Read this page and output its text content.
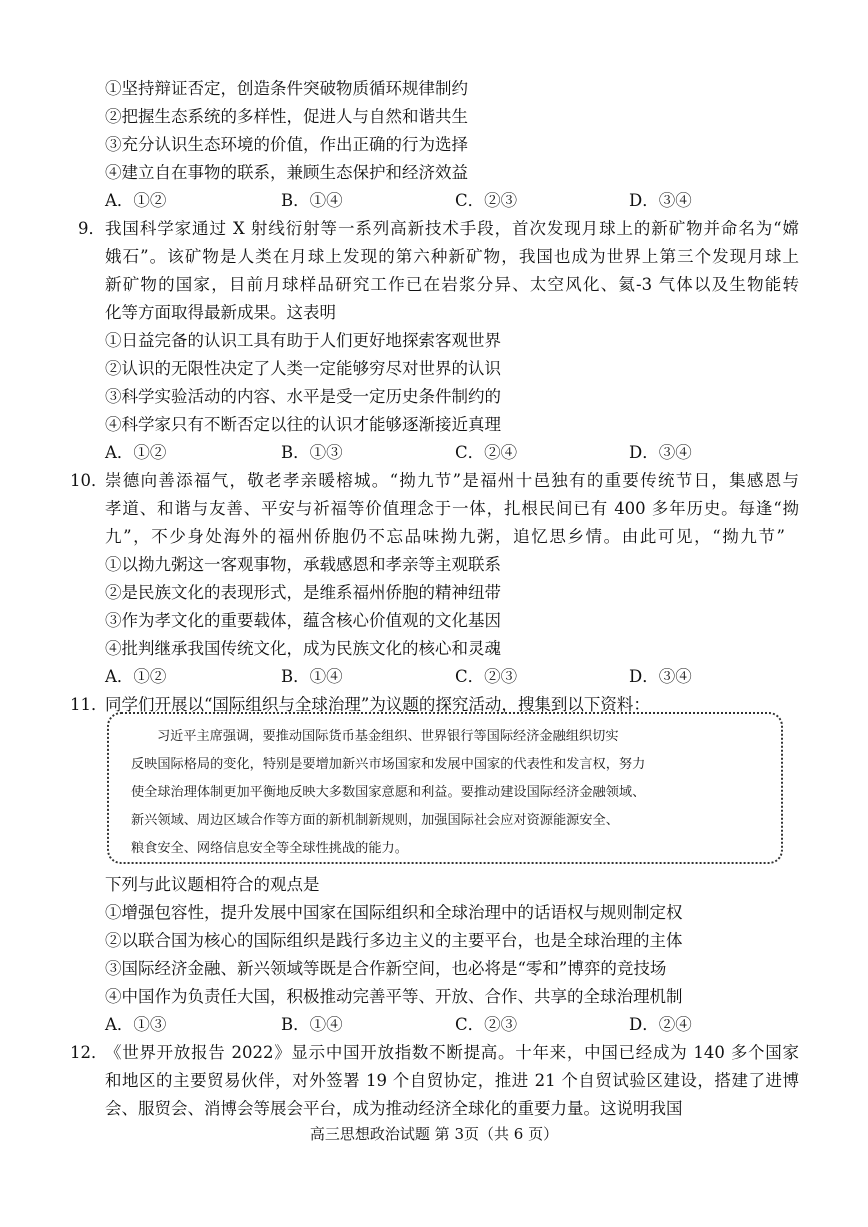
①坚持辩证否定，创造条件突破物质循环规律制约
②把握生态系统的多样性，促进人与自然和谐共生
③充分认识生态环境的价值，作出正确的行为选择
④建立自在事物的联系，兼顾生态保护和经济效益
A．①②	B．①④	C．②③	D．③④
9． 我国科学家通过 X 射线衍射等一系列高新技术手段，首次发现月球上的新矿物并命名为“嫦
娥石”。该矿物是人类在月球上发现的第六种新矿物，我国也成为世界上第三个发现月球上
新矿物的国家，目前月球样品研究工作已在岩浆分异、太空风化、氦-3 气体以及生物能转
化等方面取得最新成果。这表明
①日益完备的认识工具有助于人们更好地探索客观世界
②认识的无限性决定了人类一定能够穷尽对世界的认识
③科学实验活动的内容、水平是受一定历史条件制约的
④科学家只有不断否定以往的认识才能够逐渐接近真理
A．①②	B．①③	C．②④	D．③④
10．
崇德向善添福气，敬老孝亲暖榕城。“拗九节”是福州十邑独有的重要传统节日，集感恩与
孝道、和谐与友善、平安与祈福等价值理念于一体，扎根民间已有 400 多年历史。每逢“拗
九”，不少身处海外的福州侨胞仍不忘品味拗九粥，追忆思乡情。由此可见，“拗九节”
①以拗九粥这一客观事物，承载感恩和孝亲等主观联系
②是民族文化的表现形式，是维系福州侨胞的精神纽带
③作为孝文化的重要载体，蕴含核心价值观的文化基因
④批判继承我国传统文化，成为民族文化的核心和灵魂
A．①②	B．①④	C．②③	D．③④
11．
同学们开展以“国际组织与全球治理”为议题的探究活动，搜集到以下资料：
习近平主席强调，要推动国际货币基金组织、世界银行等国际经济金融组织切实
反映国际格局的变化，特别是要增加新兴市场国家和发展中国家的代表性和发言权，努力
使全球治理体制更加平衡地反映大多数国家意愿和利益。要推动建设国际经济金融领域、
新兴领域、周边区域合作等方面的新机制新规则，加强国际社会应对资源能源安全、
粮食安全、网络信息安全等全球性挑战的能力。
下列与此议题相符合的观点是
①增强包容性，提升发展中国家在国际组织和全球治理中的话语权与规则制定权
②以联合国为核心的国际组织是践行多边主义的主要平台，也是全球治理的主体
③国际经济金融、新兴领域等既是合作新空间，也必将是“零和”博弈的竞技场
④中国作为负责任大国，积极推动完善平等、开放、合作、共享的全球治理机制
A．①③	B．①④	C．②③	D．②④
12．
《世界开放报告 2022》显示中国开放指数不断提高。十年来，中国已经成为 140 多个国家
和地区的主要贸易伙伴，对外签署 19 个自贸协定，推进 21 个自贸试验区建设，搭建了进博
会、服贸会、消博会等展会平台，成为推动经济全球化的重要力量。这说明我国
高三思想政治试题 第 3页（共 6 页）
